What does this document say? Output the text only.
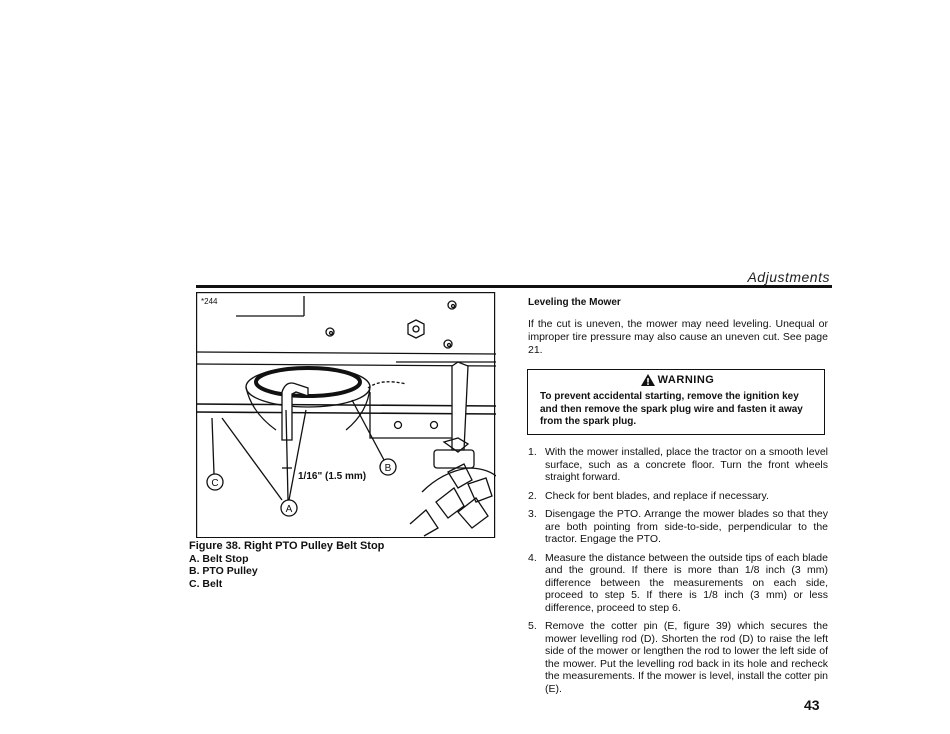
Adjustments
*244
C
A
B
1/16" (1.5 mm)
Figure 38. Right PTO Pulley Belt Stop
A. Belt Stop
B. PTO Pulley
C. Belt
Leveling the Mower

If the cut is uneven, the mower may need leveling. Unequal or improper tire pressure may also cause an uneven cut. See page 21.

WARNING
To prevent accidental starting, remove the ignition key and then remove the spark plug wire and fasten it away from the spark plug.
1. With the mower installed, place the tractor on a smooth level surface, such as a concrete floor. Turn the front wheels straight forward.
2. Check for bent blades, and replace if necessary.
3. Disengage the PTO. Arrange the mower blades so that they are both pointing from side-to-side, perpendicular to the tractor. Engage the PTO.
4. Measure the distance between the outside tips of each blade and the ground. If there is more than 1/8 inch (3 mm) difference between the measurements on each side, proceed to step 5. If there is 1/8 inch (3 mm) or less difference, proceed to step 6.
5. Remove the cotter pin (E, figure 39) which secures the mower levelling rod (D). Shorten the rod (D) to raise the left side of the mower or lengthen the rod to lower the left side of the mower. Put the levelling rod back in its hole and recheck the measurements. If the mower is level, install the cotter pin (E).
43
